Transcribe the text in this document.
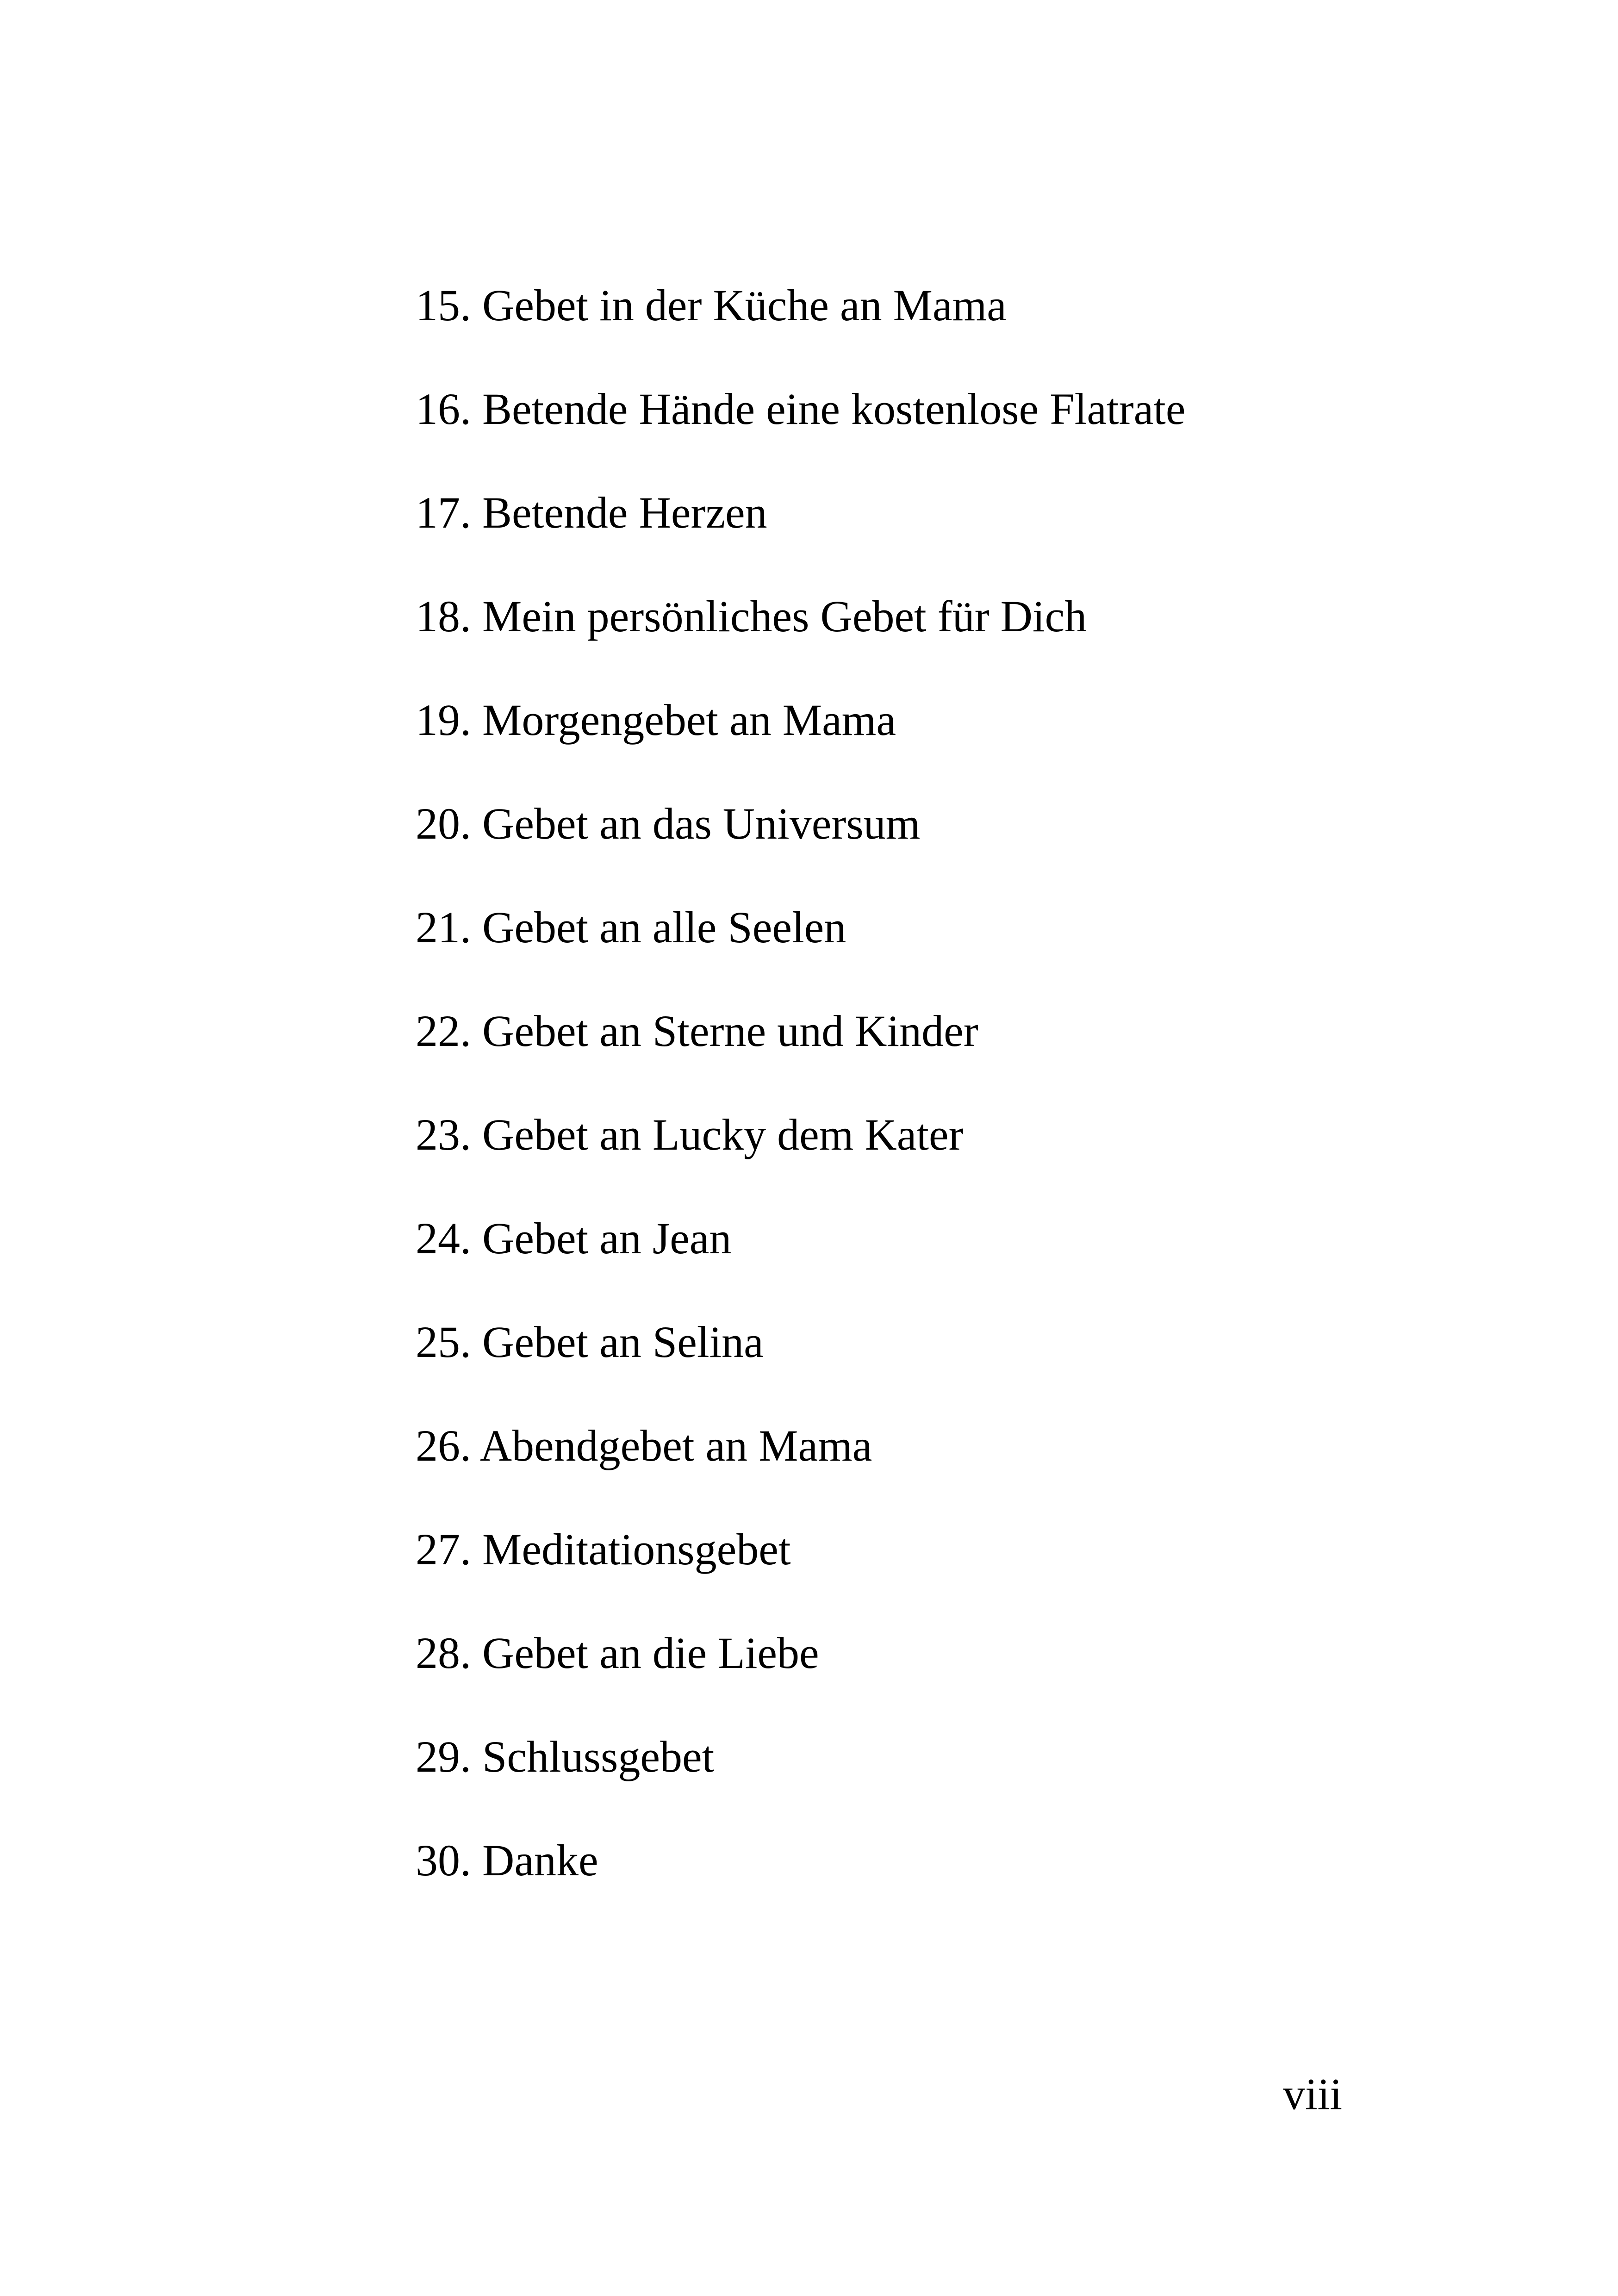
15. Gebet in der Küche an Mama
16. Betende Hände eine kostenlose Flatrate
17. Betende Herzen
18. Mein persönliches Gebet für Dich
19. Morgengebet an Mama
20. Gebet an das Universum
21. Gebet an alle Seelen
22. Gebet an Sterne und Kinder
23. Gebet an Lucky dem Kater
24. Gebet an Jean
25. Gebet an Selina
26. Abendgebet an Mama
27. Meditationsgebet
28. Gebet an die Liebe
29. Schlussgebet
30. Danke
viii
